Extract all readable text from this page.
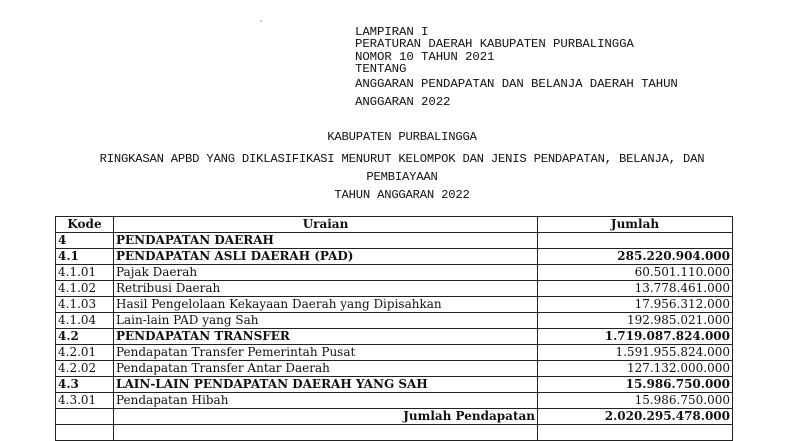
LAMPIRAN I
PERATURAN DAERAH KABUPATEN PURBALINGGA
NOMOR 10 TAHUN 2021
TENTANG
ANGGARAN PENDAPATAN DAN BELANJA DAERAH TAHUN
ANGGARAN 2022
KABUPATEN PURBALINGGA
RINGKASAN APBD YANG DIKLASIFIKASI MENURUT KELOMPOK DAN JENIS PENDAPATAN, BELANJA, DAN
PEMBIAYAAN
TAHUN ANGGARAN 2022
Kode	Uraian	Jumlah
4	PENDAPATAN DAERAH	
4.1	PENDAPATAN ASLI DAERAH (PAD)	285.220.904.000
4.1.01	Pajak Daerah	60.501.110.000
4.1.02	Retribusi Daerah	13.778.461.000
4.1.03	Hasil Pengelolaan Kekayaan Daerah yang Dipisahkan	17.956.312.000
4.1.04	Lain-lain PAD yang Sah	192.985.021.000
4.2	PENDAPATAN TRANSFER	1.719.087.824.000
4.2.01	Pendapatan Transfer Pemerintah Pusat	1.591.955.824.000
4.2.02	Pendapatan Transfer Antar Daerah	127.132.000.000
4.3	LAIN-LAIN PENDAPATAN DAERAH YANG SAH	15.986.750.000
4.3.01	Pendapatan Hibah	15.986.750.000
	Jumlah Pendapatan	2.020.295.478.000
